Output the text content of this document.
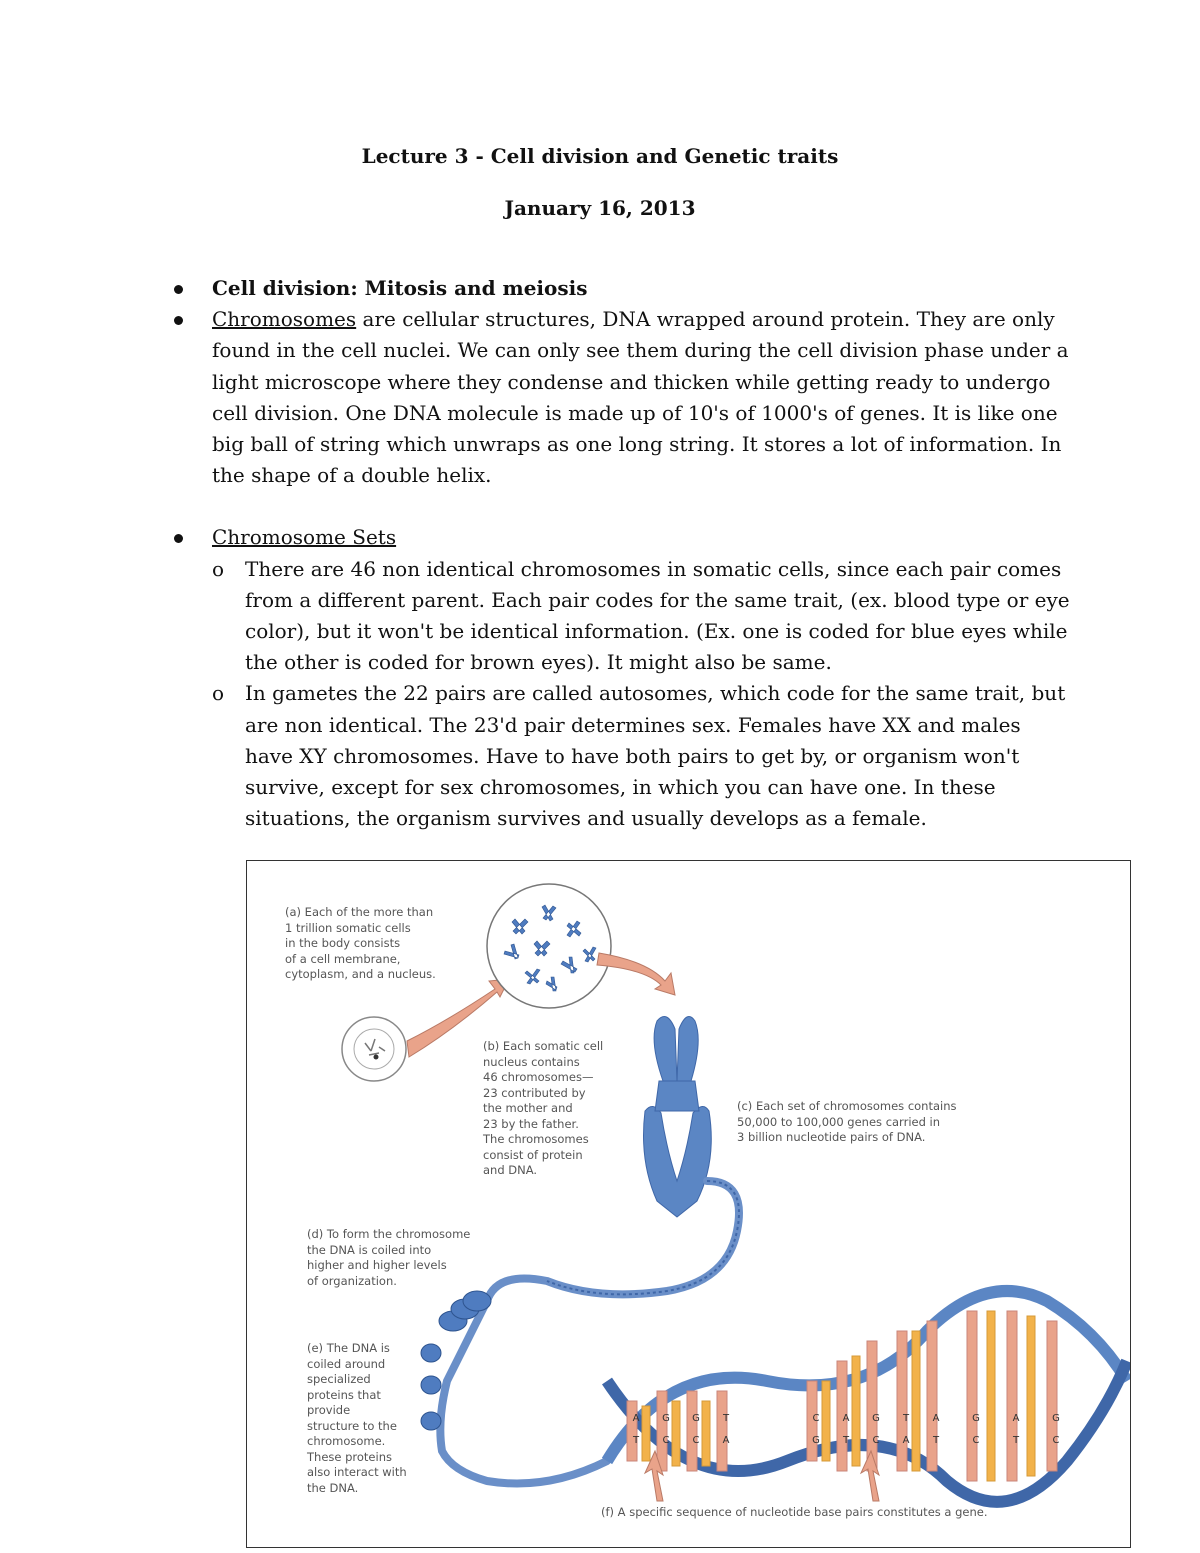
Lecture 3 - Cell division and Genetic traits
January 16, 2013
Cell division: Mitosis and meiosis
Chromosomes are cellular structures, DNA wrapped around protein. They are only found in the cell nuclei. We can only see them during the cell division phase under a light microscope where they condense and thicken while getting ready to undergo cell division. One DNA molecule is made up of 10's of 1000's of genes. It is like one big ball of string which unwraps as one long string. It stores a lot of information. In the shape of a double helix.
Chromosome Sets
o There are 46 non identical chromosomes in somatic cells, since each pair comes from a different parent. Each pair codes for the same trait, (ex. blood type or eye color), but it won't be identical information. (Ex. one is coded for blue eyes while the other is coded for brown eyes). It might also be same.
o In gametes the 22 pairs are called autosomes, which code for the same trait, but are non identical. The 23'd pair determines sex. Females have XX and males have XY chromosomes. Have to have both pairs to get by, or organism won't survive, except for sex chromosomes, in which you can have one. In these situations, the organism survives and usually develops as a female.
A
T
G
C
G
C
T
A
C
G
A
T
G
C
T
A
A
T
G
C
A
T
G
C
(a) Each of the more than
1 trillion somatic cells
in the body consists
of a cell membrane,
cytoplasm, and a nucleus.
(b) Each somatic cell
nucleus contains
46 chromosomes—
23 contributed by
the mother and
23 by the father.
The chromosomes
consist of protein
and DNA.
(c) Each set of chromosomes contains
50,000 to 100,000 genes carried in
3 billion nucleotide pairs of DNA.
(d) To form the chromosome
the DNA is coiled into
higher and higher levels
of organization.
(e) The DNA is
coiled around
specialized
proteins that
provide
structure to the
chromosome.
These proteins
also interact with
the DNA.
(f) A specific sequence of nucleotide base pairs constitutes a gene.
